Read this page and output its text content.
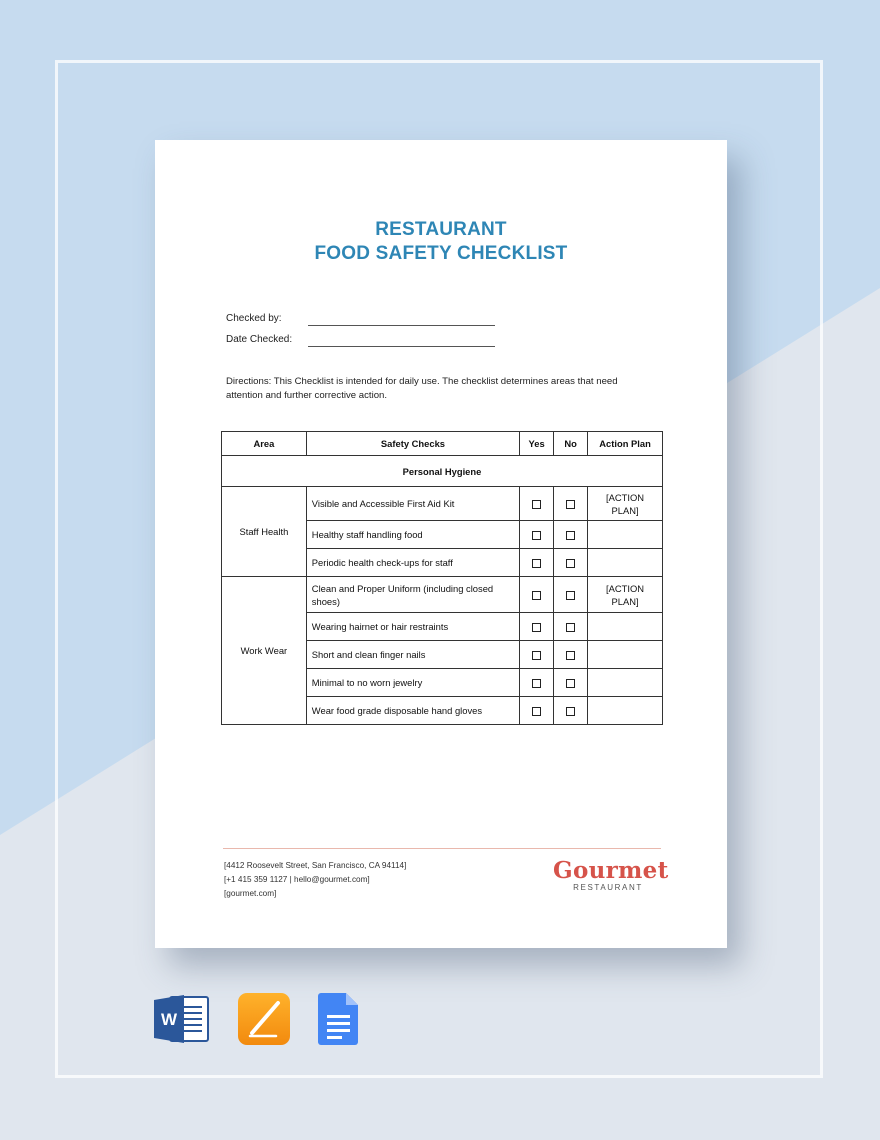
RESTAURANT
FOOD SAFETY CHECKLIST
Checked by:
Date Checked:
Directions: This Checklist is intended for daily use. The checklist determines areas that need attention and further corrective action.
Area	Safety Checks	Yes	No	Action Plan
Personal Hygiene				
Staff Health	Visible and Accessible First Aid Kit			[ACTION PLAN]
	Healthy staff handling food			
	Periodic health check-ups for staff			
Work Wear	Clean and Proper Uniform (including closed shoes)			[ACTION PLAN]
	Wearing hairnet or hair restraints			
	Short and clean finger nails			
	Minimal to no worn jewelry			
	Wear food grade disposable hand gloves			
[4412 Roosevelt Street, San Francisco, CA 94114]
[+1 415 359 1127 | hello@gourmet.com]
[gourmet.com]
Gourmet
RESTAURANT
W
